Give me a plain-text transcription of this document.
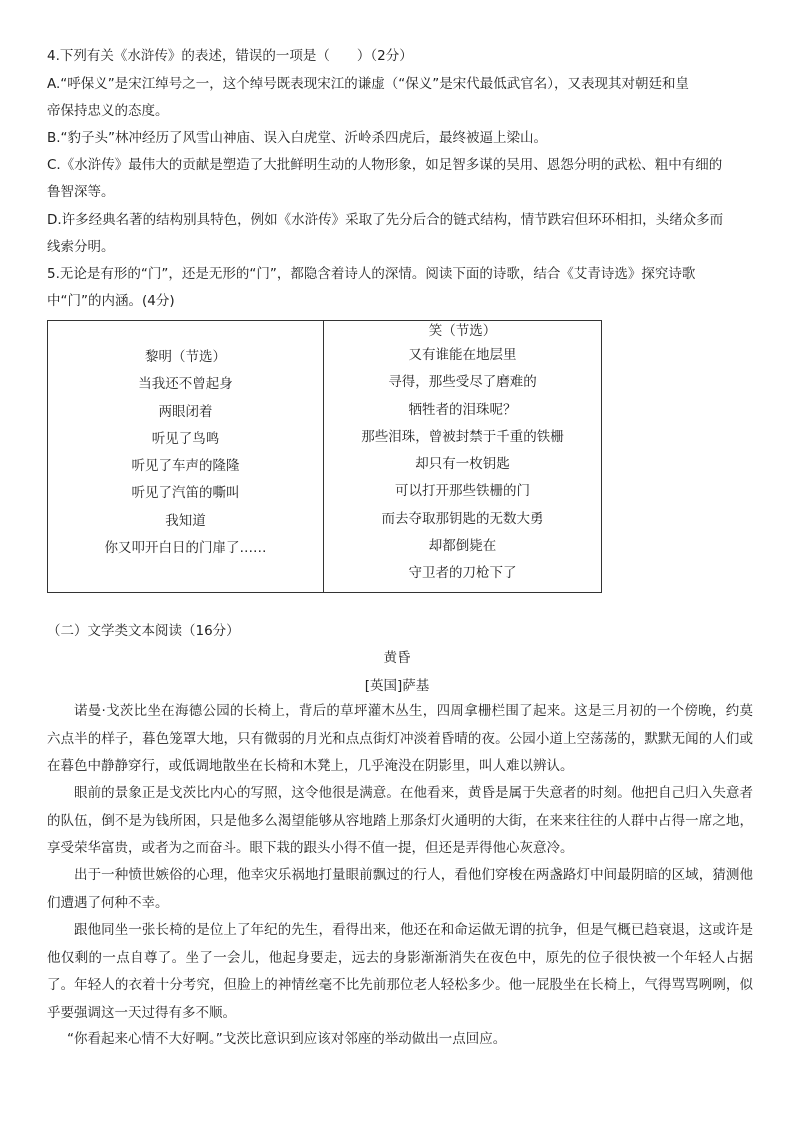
4.下列有关《水浒传》的表述，错误的一项是（　　）（2分）
A.“呼保义”是宋江绰号之一，这个绰号既表现宋江的谦虚（“保义”是宋代最低武官名），又表现其对朝廷和皇
帝保持忠义的态度。
B.“豹子头”林冲经历了风雪山神庙、误入白虎堂、沂岭杀四虎后，最终被逼上梁山。
C.《水浒传》最伟大的贡献是塑造了大批鲜明生动的人物形象，如足智多谋的吴用、恩怨分明的武松、粗中有细的
鲁智深等。
D.许多经典名著的结构别具特色，例如《水浒传》采取了先分后合的链式结构，情节跌宕但环环相扣，头绪众多而
线索分明。
5.无论是有形的“门”，还是无形的“门”，都隐含着诗人的深情。阅读下面的诗歌，结合《艾青诗选》探究诗歌
中“门”的内涵。(4分)
黎明（节选）
当我还不曾起身
两眼闭着
听见了鸟鸣
听见了车声的隆隆
听见了汽笛的嘶叫
我知道
你又叩开白日的门扉了……

笑（节选）
又有谁能在地层里
寻得，那些受尽了磨难的
牺牲者的泪珠呢？
那些泪珠，曾被封禁于千重的铁栅
却只有一枚钥匙
可以打开那些铁栅的门
而去夺取那钥匙的无数大勇
却都倒毙在
守卫者的刀枪下了
（二）文学类文本阅读（16分）
黄昏
[英国]萨基
诺曼·戈茨比坐在海德公园的长椅上，背后的草坪灌木丛生，四周拿栅栏围了起来。这是三月初的一个傍晚，约莫六点半的样子，暮色笼罩大地，只有微弱的月光和点点街灯冲淡着昏晴的夜。公园小道上空荡荡的，默默无闻的人们或在暮色中静静穿行，或低调地散坐在长椅和木凳上，几乎淹没在阴影里，叫人难以辨认。
眼前的景象正是戈茨比内心的写照，这令他很是满意。在他看来，黄昏是属于失意者的时刻。他把自己归入失意者的队伍，倒不是为钱所困，只是他多么渴望能够从容地踏上那条灯火通明的大街，在来来往往的人群中占得一席之地，享受荣华富贵，或者为之而奋斗。眼下栽的跟头小得不值一提，但还是弄得他心灰意冷。
出于一种愤世嫉俗的心理，他幸灾乐祸地打量眼前飘过的行人，看他们穿梭在两盏路灯中间最阴暗的区域，猜测他们遭遇了何种不幸。
跟他同坐一张长椅的是位上了年纪的先生，看得出来，他还在和命运做无谓的抗争，但是气概已趋衰退，这或许是他仅剩的一点自尊了。坐了一会儿，他起身要走，远去的身影渐渐消失在夜色中，原先的位子很快被一个年轻人占据了。年轻人的衣着十分考究，但脸上的神情丝毫不比先前那位老人轻松多少。他一屁股坐在长椅上，气得骂骂咧咧，似乎要强调这一天过得有多不顺。
“你看起来心情不大好啊。”戈茨比意识到应该对邻座的举动做出一点回应。
